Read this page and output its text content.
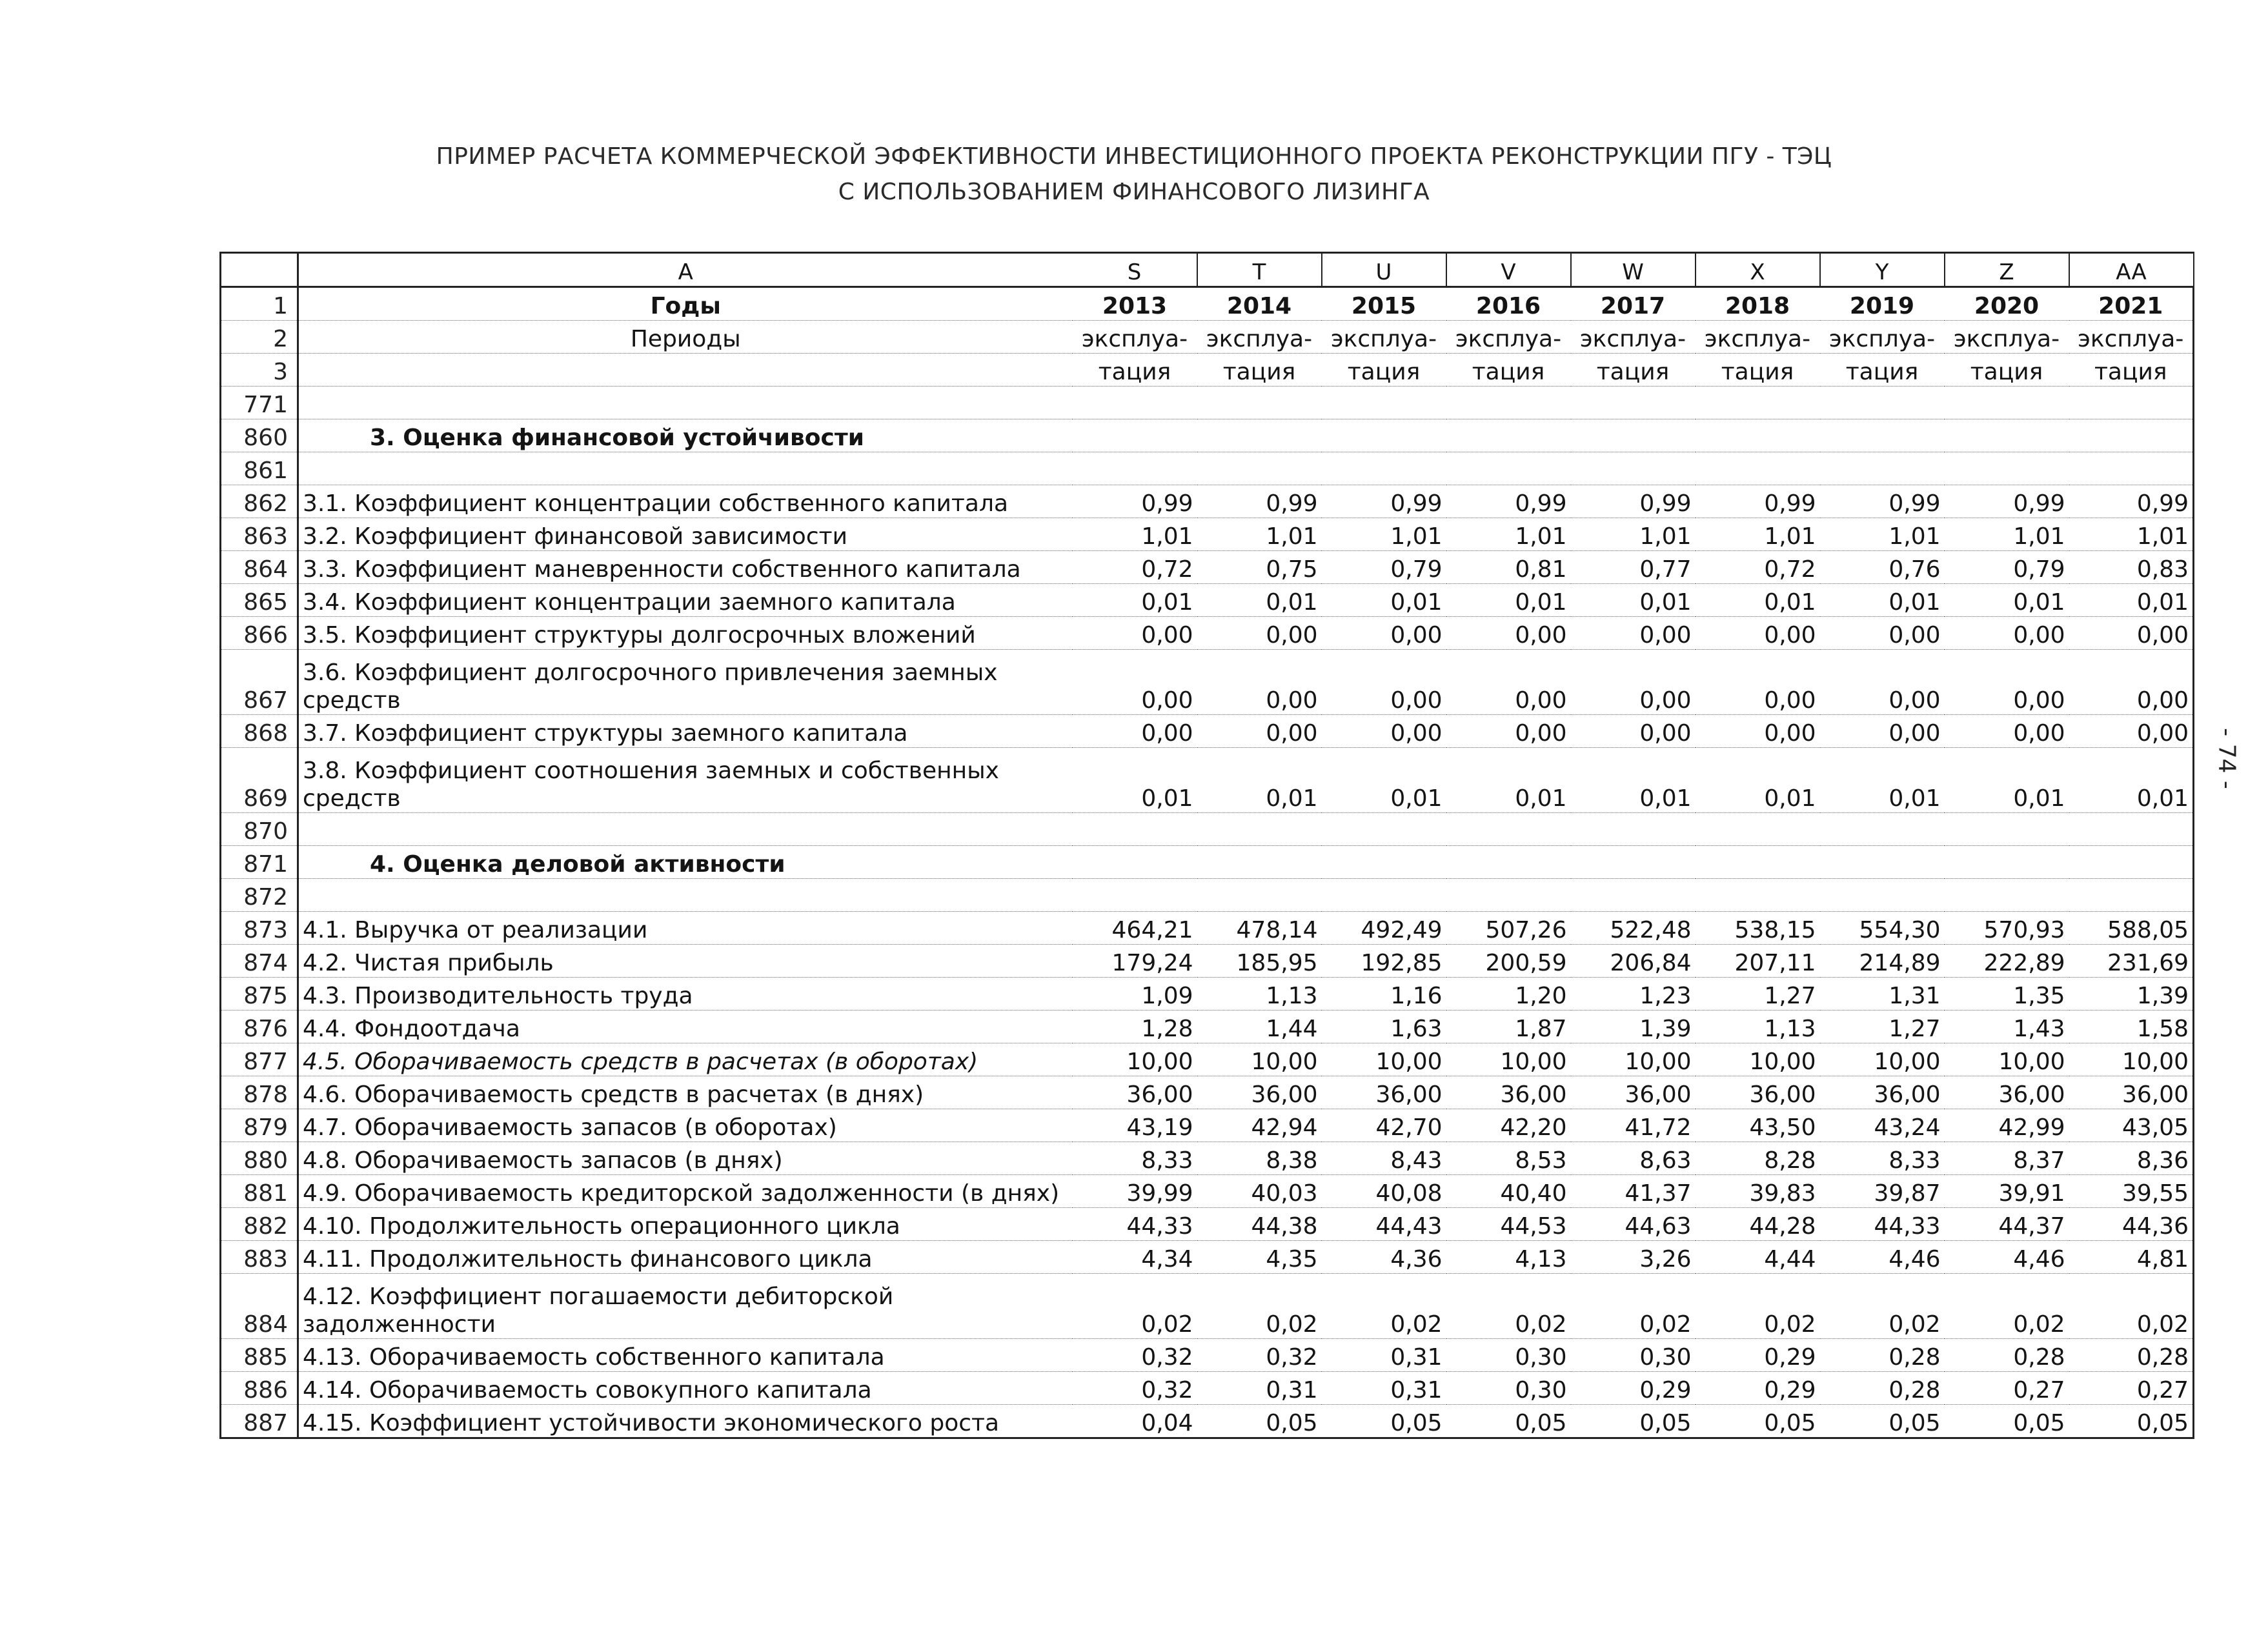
ПРИМЕР РАСЧЕТА КОММЕРЧЕСКОЙ ЭФФЕКТИВНОСТИ ИНВЕСТИЦИОННОГО ПРОЕКТА РЕКОНСТРУКЦИИ ПГУ - ТЭЦ
С ИСПОЛЬЗОВАНИЕМ ФИНАНСОВОГО ЛИЗИНГА
- 74 -
	A	S	T	U	V	W	X	Y	Z	AA
1	Годы	2013	2014	2015	2016	2017	2018	2019	2020	2021
2	Периоды	эксплуа-	эксплуа-	эксплуа-	эксплуа-	эксплуа-	эксплуа-	эксплуа-	эксплуа-	эксплуа-
3		тация	тация	тация	тация	тация	тация	тация	тация	тация
771										
860	3. Оценка финансовой устойчивости									
861										
862	3.1. Коэффициент концентрации собственного капитала	0,99	0,99	0,99	0,99	0,99	0,99	0,99	0,99	0,99
863	3.2. Коэффициент финансовой зависимости	1,01	1,01	1,01	1,01	1,01	1,01	1,01	1,01	1,01
864	3.3. Коэффициент маневренности собственного капитала	0,72	0,75	0,79	0,81	0,77	0,72	0,76	0,79	0,83
865	3.4. Коэффициент концентрации заемного капитала	0,01	0,01	0,01	0,01	0,01	0,01	0,01	0,01	0,01
866	3.5. Коэффициент структуры долгосрочных вложений	0,00	0,00	0,00	0,00	0,00	0,00	0,00	0,00	0,00
867	3.6. Коэффициент долгосрочного привлечения заемных средств	0,00	0,00	0,00	0,00	0,00	0,00	0,00	0,00	0,00
868	3.7. Коэффициент структуры заемного капитала	0,00	0,00	0,00	0,00	0,00	0,00	0,00	0,00	0,00
869	3.8. Коэффициент соотношения заемных и собственных средств	0,01	0,01	0,01	0,01	0,01	0,01	0,01	0,01	0,01
870										
871	4. Оценка деловой активности									
872										
873	4.1. Выручка от реализации	464,21	478,14	492,49	507,26	522,48	538,15	554,30	570,93	588,05
874	4.2. Чистая прибыль	179,24	185,95	192,85	200,59	206,84	207,11	214,89	222,89	231,69
875	4.3. Производительность труда	1,09	1,13	1,16	1,20	1,23	1,27	1,31	1,35	1,39
876	4.4. Фондоотдача	1,28	1,44	1,63	1,87	1,39	1,13	1,27	1,43	1,58
877	4.5. Оборачиваемость средств в расчетах (в оборотах)	10,00	10,00	10,00	10,00	10,00	10,00	10,00	10,00	10,00
878	4.6. Оборачиваемость средств в расчетах (в днях)	36,00	36,00	36,00	36,00	36,00	36,00	36,00	36,00	36,00
879	4.7. Оборачиваемость запасов (в оборотах)	43,19	42,94	42,70	42,20	41,72	43,50	43,24	42,99	43,05
880	4.8. Оборачиваемость запасов (в днях)	8,33	8,38	8,43	8,53	8,63	8,28	8,33	8,37	8,36
881	4.9. Оборачиваемость кредиторской задолженности (в днях)	39,99	40,03	40,08	40,40	41,37	39,83	39,87	39,91	39,55
882	4.10. Продолжительность операционного цикла	44,33	44,38	44,43	44,53	44,63	44,28	44,33	44,37	44,36
883	4.11. Продолжительность финансового цикла	4,34	4,35	4,36	4,13	3,26	4,44	4,46	4,46	4,81
884	4.12. Коэффициент погашаемости дебиторской задолженности	0,02	0,02	0,02	0,02	0,02	0,02	0,02	0,02	0,02
885	4.13. Оборачиваемость собственного капитала	0,32	0,32	0,31	0,30	0,30	0,29	0,28	0,28	0,28
886	4.14. Оборачиваемость совокупного капитала	0,32	0,31	0,31	0,30	0,29	0,29	0,28	0,27	0,27
887	4.15. Коэффициент устойчивости экономического роста	0,04	0,05	0,05	0,05	0,05	0,05	0,05	0,05	0,05
